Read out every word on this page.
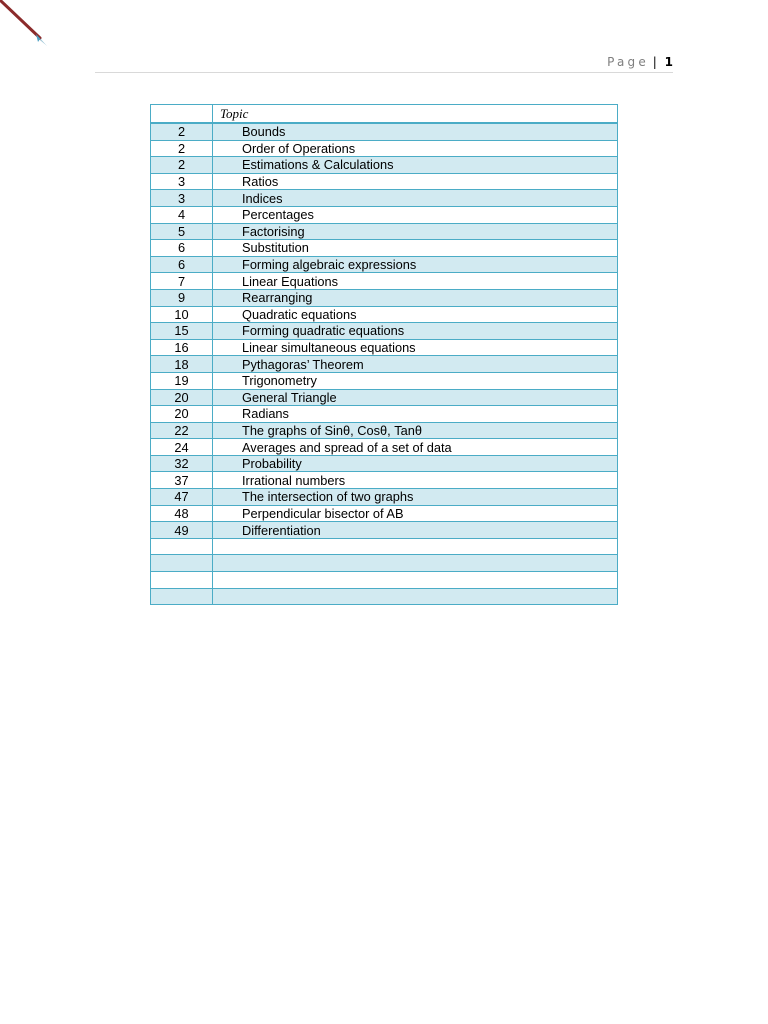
Page | 1
	Topic
2	Bounds
2	Order of Operations
2	Estimations & Calculations
3	Ratios
3	Indices
4	Percentages
5	Factorising
6	Substitution
6	Forming algebraic expressions
7	Linear Equations
9	Rearranging
10	Quadratic equations
15	Forming quadratic equations
16	Linear simultaneous equations
18	Pythagoras’ Theorem
19	Trigonometry
20	General Triangle
20	Radians
22	The graphs of Sinθ, Cosθ, Tanθ
24	Averages and spread of a set of data
32	Probability
37	Irrational numbers
47	The intersection of two graphs
48	Perpendicular bisector of AB
49	Differentiation
